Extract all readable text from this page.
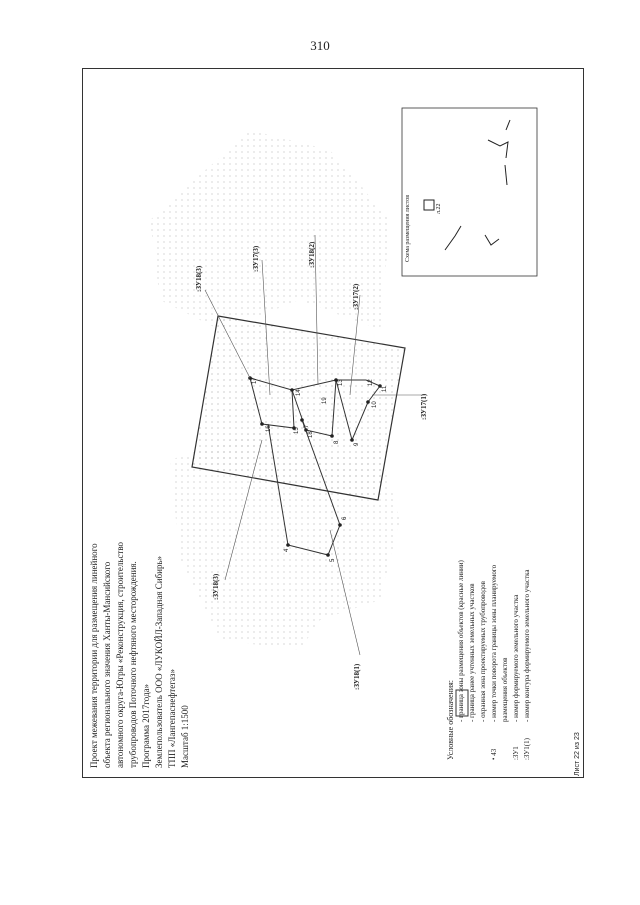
310
Проект межевания территории для размещения линейного объекта регионального значения Ханты-Мансийского автономного округа-Югры «Реконструкция, строительство трубопроводов Поточного нефтяного месторождения. Программа 2017года» Землепользователь ООО «ЛУКОЙЛ-Западная Сибирь» ТПП «Лангепаснефтегаз» Масштаб 1:1500
Схема размещения листов	л.22
:ЗУ18(3)
:ЗУ17(3)	:ЗУ18(2)
:ЗУ17(2)
:ЗУ17(1)
:ЗУ18(3)
:ЗУ18(1)
Условные обозначения: - граница зоны размещения объектов (красные линии) - граница ранее учтенных земельных участков - охранная зона проектируемых трубопроводов
• 43
- номер точки поворота границы зоны планируемого размещения объектов
:ЗУ1
- номер формируемого земельного участка
:ЗУ1(1)
- номер контура формируемого земельного участка
Лист 22 из 23
4
5
6
7
8
9
10
11
12
13
14
15
16
17
18
19
